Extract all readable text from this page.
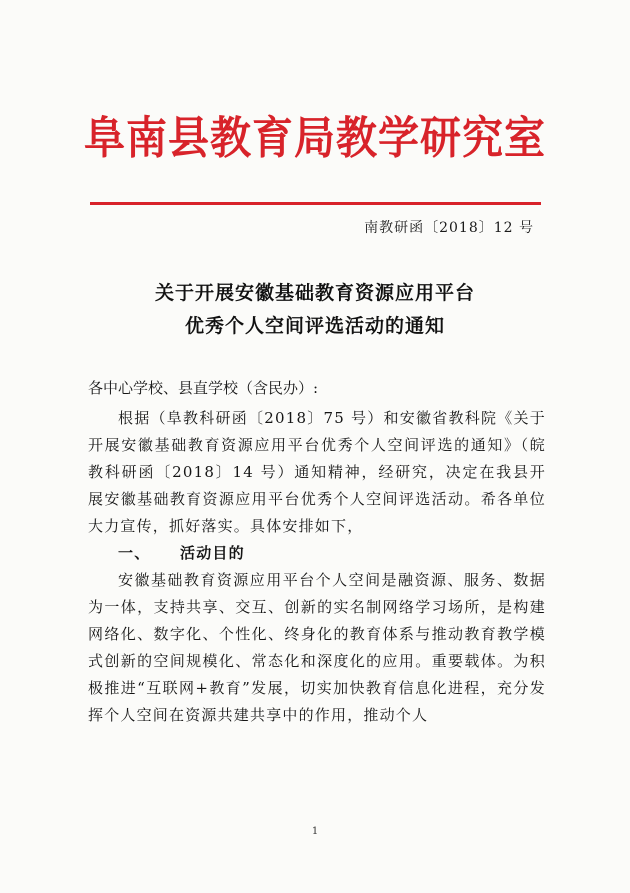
阜南县教育局教学研究室
南教研函〔2018〕12 号
关于开展安徽基础教育资源应用平台
优秀个人空间评选活动的通知
各中心学校、县直学校（含民办）:

根据（阜教科研函〔2018〕75 号）和安徽省教科院《关于开展安徽基础教育资源应用平台优秀个人空间评选的通知》（皖教科研函〔2018〕14 号）通知精神，经研究，决定在我县开展安徽基础教育资源应用平台优秀个人空间评选活动。希各单位大力宣传，抓好落实。具体安排如下，

一、 活动目的

安徽基础教育资源应用平台个人空间是融资源、服务、数据为一体，支持共享、交互、创新的实名制网络学习场所，是构建网络化、数字化、个性化、终身化的教育体系与推动教育教学模式创新的空间规模化、常态化和深度化的应用。重要载体。为积极推进“互联网+教育”发展，切实加快教育信息化进程，充分发挥个人空间在资源共建共享中的作用，推动个人

1
